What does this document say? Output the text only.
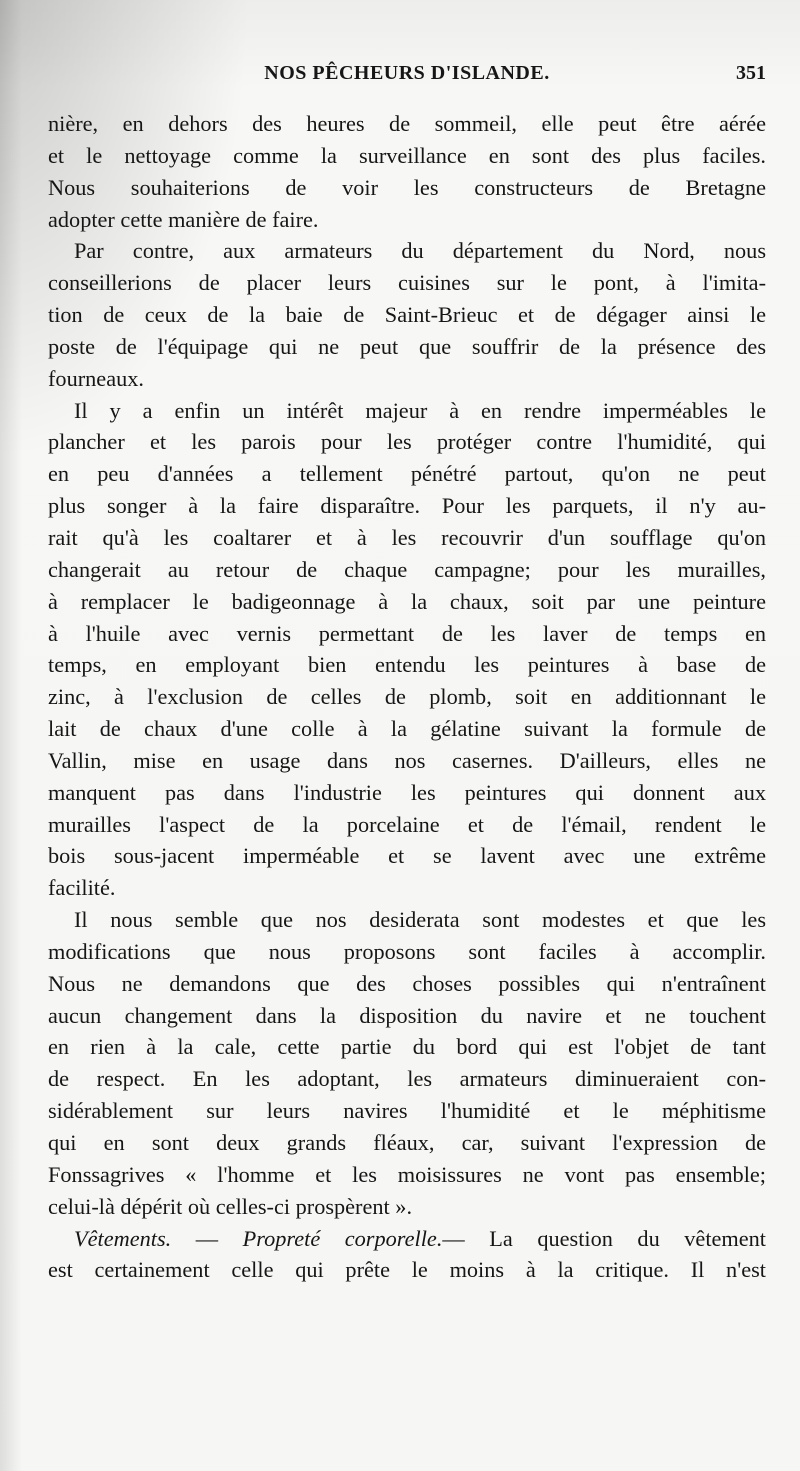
NOS PÊCHEURS D'ISLANDE.	351
nière, en dehors des heures de sommeil, elle peut être aérée
et le nettoyage comme la surveillance en sont des plus faciles.
Nous souhaiterions de voir les constructeurs de Bretagne
adopter cette manière de faire.
Par contre, aux armateurs du département du Nord, nous
conseillerions de placer leurs cuisines sur le pont, à l'imita-
tion de ceux de la baie de Saint-Brieuc et de dégager ainsi le
poste de l'équipage qui ne peut que souffrir de la présence des
fourneaux.
Il y a enfin un intérêt majeur à en rendre imperméables le
plancher et les parois pour les protéger contre l'humidité, qui
en peu d'années a tellement pénétré partout, qu'on ne peut
plus songer à la faire disparaître. Pour les parquets, il n'y au-
rait qu'à les coaltarer et à les recouvrir d'un soufflage qu'on
changerait au retour de chaque campagne; pour les murailles,
à remplacer le badigeonnage à la chaux, soit par une peinture
à l'huile avec vernis permettant de les laver de temps en
temps, en employant bien entendu les peintures à base de
zinc, à l'exclusion de celles de plomb, soit en additionnant le
lait de chaux d'une colle à la gélatine suivant la formule de
Vallin, mise en usage dans nos casernes. D'ailleurs, elles ne
manquent pas dans l'industrie les peintures qui donnent aux
murailles l'aspect de la porcelaine et de l'émail, rendent le
bois sous-jacent imperméable et se lavent avec une extrême
facilité.
Il nous semble que nos desiderata sont modestes et que les
modifications que nous proposons sont faciles à accomplir.
Nous ne demandons que des choses possibles qui n'entraînent
aucun changement dans la disposition du navire et ne touchent
en rien à la cale, cette partie du bord qui est l'objet de tant
de respect. En les adoptant, les armateurs diminueraient con-
sidérablement sur leurs navires l'humidité et le méphitisme
qui en sont deux grands fléaux, car, suivant l'expression de
Fonssagrives « l'homme et les moisissures ne vont pas ensemble;
celui-là dépérit où celles-ci prospèrent ».
Vêtements. — Propreté corporelle.— La question du vêtement
est certainement celle qui prête le moins à la critique. Il n'est
